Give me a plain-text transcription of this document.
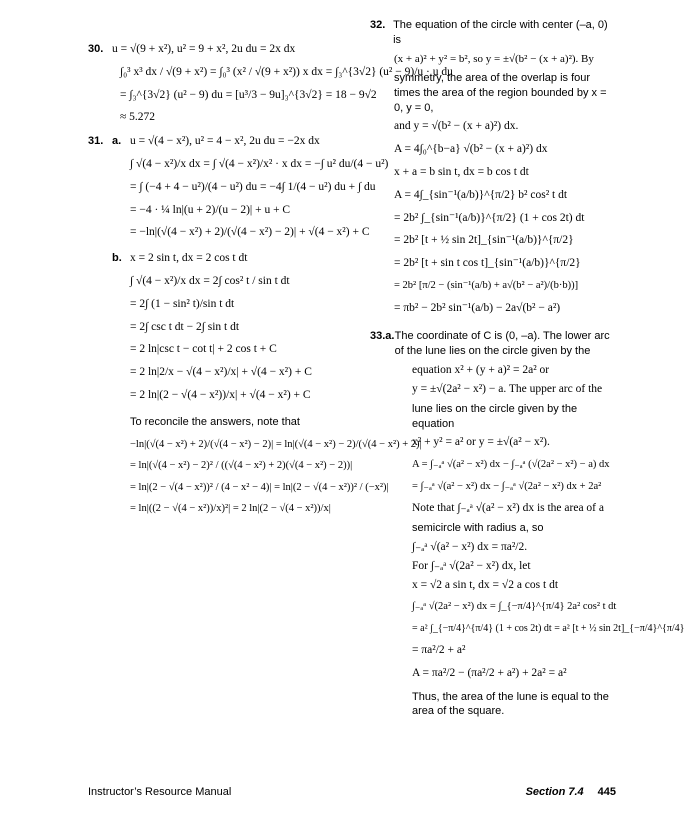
30. u = √(9 + x²), u² = 9 + x², 2u du = 2x dx
∫₀³ x³ dx / √(9 + x²) = ∫₀³ (x² / √(9 + x²)) x dx = ∫₃^{3√2} (u² − 9)/u · u du
= ∫₃^{3√2} (u² − 9) du = [u³/3 − 9u]₃^{3√2} = 18 − 9√2
≈ 5.272
31. a. u = √(4 − x²), u² = 4 − x², 2u du = −2x dx
∫ √(4 − x²)/x dx = ∫ √(4 − x²)/x² · x dx = −∫ u² du/(4 − u²)
= ∫ (−4 + 4 − u²)/(4 − u²) du = −4∫ 1/(4 − u²) du + ∫ du
= −4 · ¼ ln|(u + 2)/(u − 2)| + u + C
= −ln|(√(4 − x²) + 2)/(√(4 − x²) − 2)| + √(4 − x²) + C
b. x = 2 sin t, dx = 2 cos t dt
∫ √(4 − x²)/x dx = 2∫ cos² t / sin t dt
= 2∫ (1 − sin² t)/sin t dt
= 2∫ csc t dt − 2∫ sin t dt
= 2 ln|csc t − cot t| + 2 cos t + C
= 2 ln|2/x − √(4 − x²)/x| + √(4 − x²) + C
= 2 ln|(2 − √(4 − x²))/x| + √(4 − x²) + C
To reconcile the answers, note that
−ln|(√(4 − x²) + 2)/(√(4 − x²) − 2)| = ln|(√(4 − x²) − 2)/(√(4 − x²) + 2)|
= ln|(√(4 − x²) − 2)² / ((√(4 − x²) + 2)(√(4 − x²) − 2))|
= ln|(2 − √(4 − x²))² / (4 − x² − 4)| = ln|(2 − √(4 − x²))² / (−x²)|
= ln|((2 − √(4 − x²))/x)²| = 2 ln|(2 − √(4 − x²))/x|
32. The equation of the circle with center (–a, 0) is
(x + a)² + y² = b², so y = ±√(b² − (x + a)²). By
symmetry, the area of the overlap is four times the area of the region bounded by x = 0, y = 0,
and y = √(b² − (x + a)²) dx.
A = 4∫₀^{b−a} √(b² − (x + a)²) dx
x + a = b sin t, dx = b cos t dt
A = 4∫_{sin⁻¹(a/b)}^{π/2} b² cos² t dt
= 2b² ∫_{sin⁻¹(a/b)}^{π/2} (1 + cos 2t) dt
= 2b² [t + ½ sin 2t]_{sin⁻¹(a/b)}^{π/2}
= 2b² [t + sin t cos t]_{sin⁻¹(a/b)}^{π/2}
= 2b² [π/2 − (sin⁻¹(a/b) + a√(b² − a²)/(b·b))]
= πb² − 2b² sin⁻¹(a/b) − 2a√(b² − a²)
33. a. The coordinate of C is (0, –a). The lower arc of the lune lies on the circle given by the
equation x² + (y + a)² = 2a² or
y = ±√(2a² − x²) − a. The upper arc of the
lune lies on the circle given by the equation
x² + y² = a² or y = ±√(a² − x²).
A = ∫₋ₐᵃ √(a² − x²) dx − ∫₋ₐᵃ (√(2a² − x²) − a) dx
= ∫₋ₐᵃ √(a² − x²) dx − ∫₋ₐᵃ √(2a² − x²) dx + 2a²
Note that ∫₋ₐᵃ √(a² − x²) dx is the area of a
semicircle with radius a, so
∫₋ₐᵃ √(a² − x²) dx = πa²/2.
For ∫₋ₐᵃ √(2a² − x²) dx, let
x = √2 a sin t, dx = √2 a cos t dt
∫₋ₐᵃ √(2a² − x²) dx = ∫_{−π/4}^{π/4} 2a² cos² t dt
= a² ∫_{−π/4}^{π/4} (1 + cos 2t) dt = a² [t + ½ sin 2t]_{−π/4}^{π/4}
= πa²/2 + a²
A = πa²/2 − (πa²/2 + a²) + 2a² = a²
Thus, the area of the lune is equal to the area of the square.
Instructor’s Resource Manual	Section 7.4 445
